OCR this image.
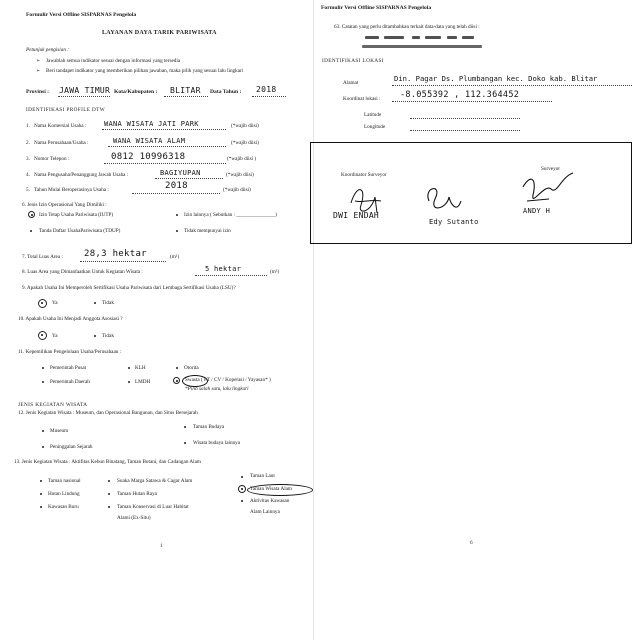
Formulir Versi Offline SISPARNAS Pengelola
LAYANAN DAYA TARIK PARIWISATA
Petunjuk pengisian :
➢ Jawablah semua indikator sesuai dengan informasi yang tersedia
➢ Beri tandapet indikator yang memberikan pilihan jawaban, maka pilih yang sesuai lalu lingkari
Provinsi : JAWA TIMUR Kota/Kabupaten : BLITAR Data Tahun : 2018
IDENTIFIKASI PROFILE DTW
1. Nama Komersial Usaha :	WANA WISATA JATI PARK	(*wajib diisi)
2. Nama Perusahaan/Usaha :	WANA WISATA ALAM	(*wajib diisi)
3. Nomor Telepon :	0812 10996318	(*wajib diisi )
4. Nama Pengusaha/Penanggung Jawab Usaha :	BAGIYUPAN	(*wajib diisi)
5. Tahun Mulai Beroperasinya Usaha :	2018	(*wajib diisi)
6. Jenis Izin Operasional Yang Dimiliki :
Izin Tetap Usaha Pariwisata (IUTP)	Izin lainnya ( Sebutkan : _______________)
Tanda Daftar UsahaPariwisata (TDUP)	Tidak mempunyai izin
7. Total Luas Area : 28,3 hektar	(m²)
8. Luas Area yang Dimanfaatkan Untuk Kegiatan Wisata :	5 hektar	(m²)
9. Apakah Usaha Ini Memperoleh Sertifikasi Usaha Pariwisata dari Lembaga Sertifikasi Usaha (LSU)?
Ya	Tidak
10. Apakah Usaha Ini Menjadi Anggota Asosiasi ?
Ya	Tidak
11. Kepemilikan Pengelolaan Usaha/Perusahaan :
Pemerintah Pusat	KLH	Otorita
Pemerintah Daerah	LMDH	Swasta ( PT / CV / Koperasi / Yayasan* )
*Pilih salah satu, lalu lingkari
JENIS KEGIATAN WISATA
12. Jenis Kegiatan Wisata : Museum, dan Operasional Bangunan, dan Situs Bersejarah
Museum
Taman Budaya
Peninggalan Sejarah
Wisata budaya lainnya
13. Jenis Kegiatan Wisata : Aktifitas Kebun Binatang, Taman Botani, dan Cadangan Alam
Taman nasional
Hutan Lindung
Kawasan Buru
Suaka Marga Satawa & Cagar Alam
Taman Hutan Raya
Taman Konservasi di Luar Habitat
Alami (Ex-Situ)
Taman Laut
Taman Wisata Alam
Aktivitas Kawasan
Alam Lainnya
1
Formulir Versi Offline SISPARNAS Pengelola
63. Catatan yang perlu ditambahkan terkait data-data yang telah diisi :
IDENTIFIKASI LOKASI
Alamat	Din. Pagar Ds. Plumbangan kec. Doko kab. Blitar
Koordinat lokasi : -8.055392 , 112.364452
Latitude
Longitude
Koordinator Surveyor
Surveyor
DWI ENDAH
Edy Sutanto
ANDY H
6
